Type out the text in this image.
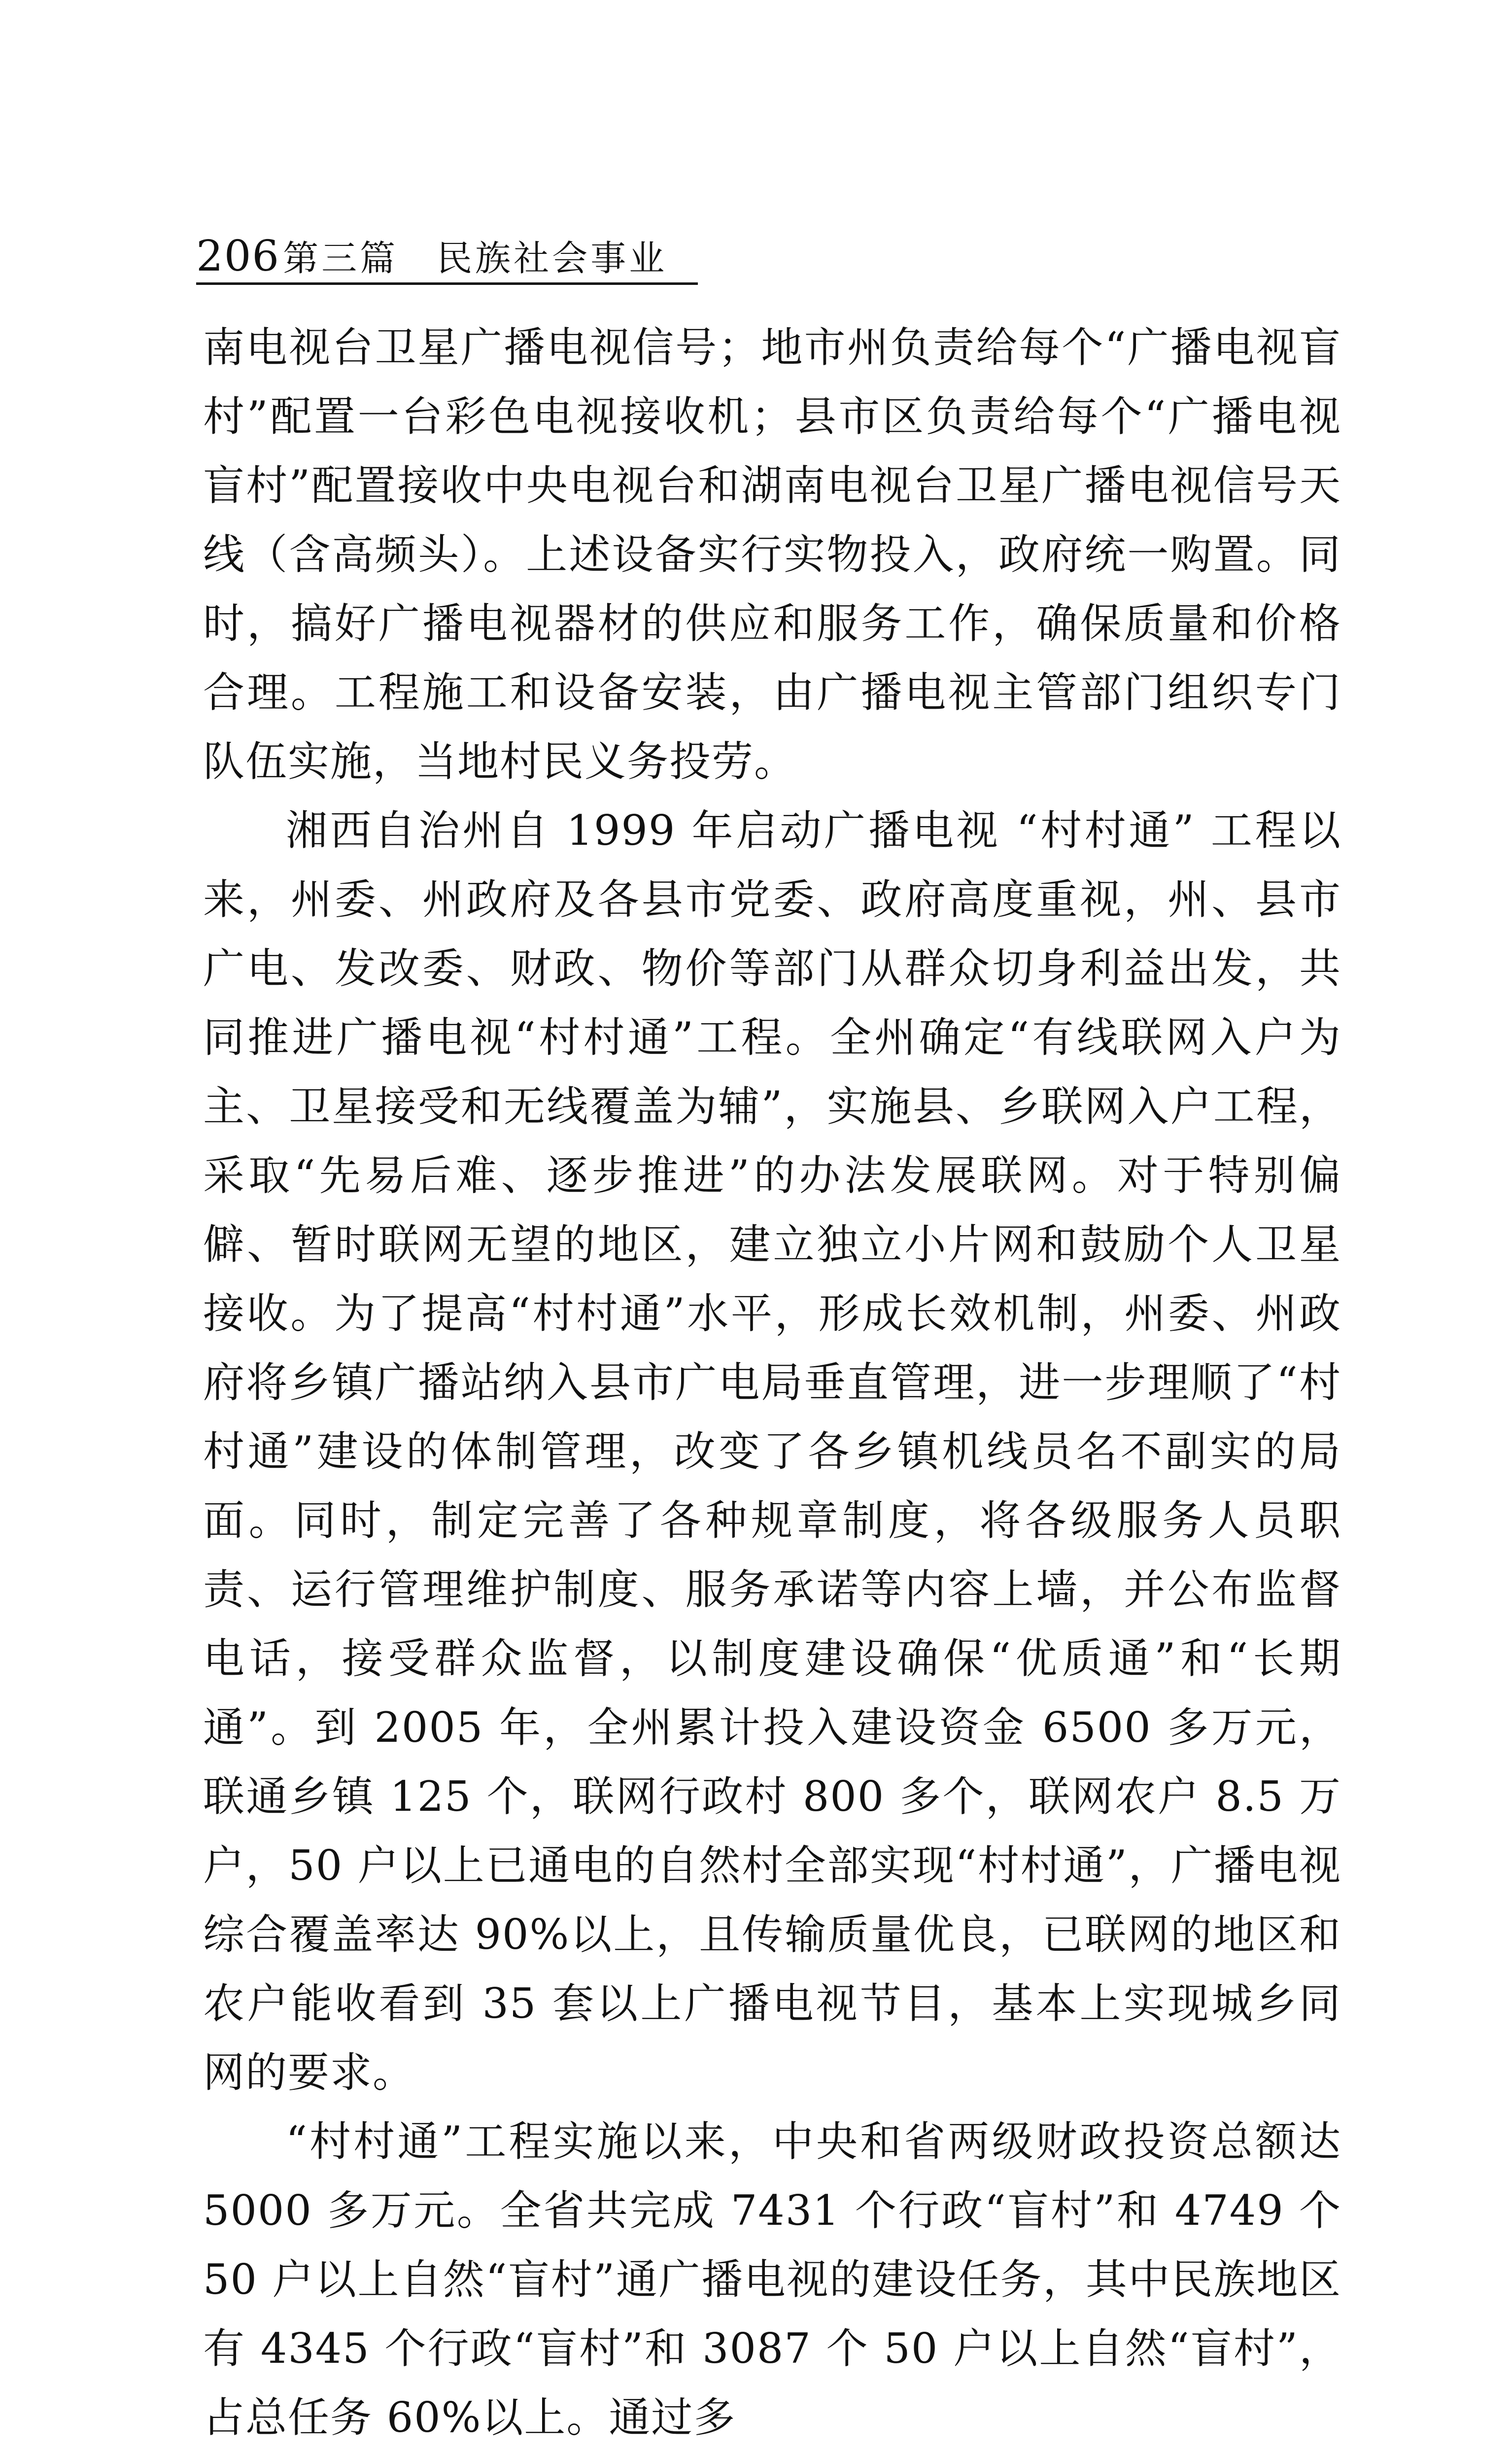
206第三篇　民族社会事业

南电视台卫星广播电视信号；地市州负责给每个“广播电视盲村”配置一台彩色电视接收机；县市区负责给每个“广播电视盲村”配置接收中央电视台和湖南电视台卫星广播电视信号天线（含高频头）。上述设备实行实物投入，政府统一购置。同时，搞好广播电视器材的供应和服务工作，确保质量和价格合理。工程施工和设备安装，由广播电视主管部门组织专门队伍实施，当地村民义务投劳。

湘西自治州自 1999 年启动广播电视 “村村通” 工程以来，州委、州政府及各县市党委、政府高度重视，州、县市广电、发改委、财政、物价等部门从群众切身利益出发，共同推进广播电视“村村通”工程。全州确定“有线联网入户为主、卫星接受和无线覆盖为辅”，实施县、乡联网入户工程，采取“先易后难、逐步推进”的办法发展联网。对于特别偏僻、暂时联网无望的地区，建立独立小片网和鼓励个人卫星接收。为了提高“村村通”水平，形成长效机制，州委、州政府将乡镇广播站纳入县市广电局垂直管理，进一步理顺了“村村通”建设的体制管理，改变了各乡镇机线员名不副实的局面。同时，制定完善了各种规章制度，将各级服务人员职责、运行管理维护制度、服务承诺等内容上墙，并公布监督电话，接受群众监督，以制度建设确保“优质通”和“长期通”。到 2005 年，全州累计投入建设资金 6500 多万元，联通乡镇 125 个，联网行政村 800 多个，联网农户 8.5 万户，50 户以上已通电的自然村全部实现“村村通”，广播电视综合覆盖率达 90%以上，且传输质量优良，已联网的地区和农户能收看到 35 套以上广播电视节目，基本上实现城乡同网的要求。

“村村通”工程实施以来，中央和省两级财政投资总额达 5000 多万元。全省共完成 7431 个行政“盲村”和 4749 个 50 户以上自然“盲村”通广播电视的建设任务，其中民族地区有 4345 个行政“盲村”和 3087 个 50 户以上自然“盲村”，占总任务 60%以上。通过多
